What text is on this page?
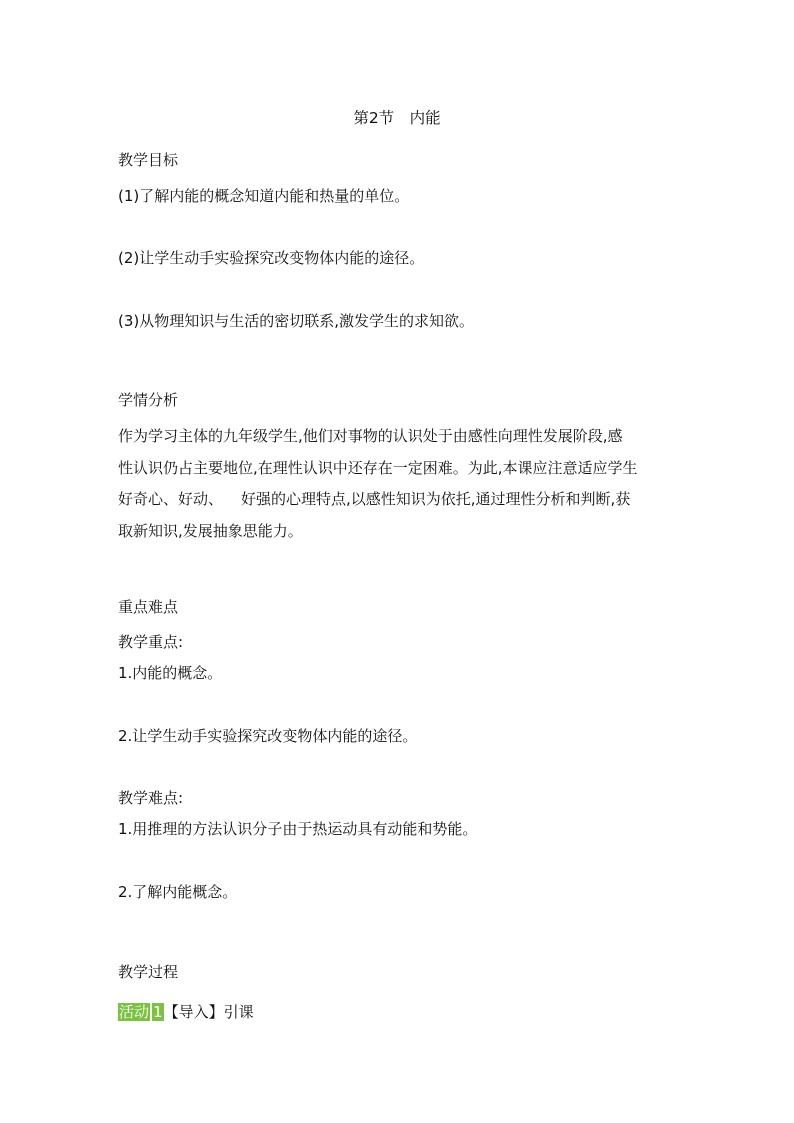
第2节　内能
教学目标
(1)了解内能的概念知道内能和热量的单位。
(2)让学生动手实验探究改变物体内能的途径。
(3)从物理知识与生活的密切联系,激发学生的求知欲。
学情分析
作为学习主体的九年级学生,他们对事物的认识处于由感性向理性发展阶段,感
性认识仍占主要地位,在理性认识中还存在一定困难。为此,本课应注意适应学生
好奇心、好动、 好强的心理特点,以感性知识为依托,通过理性分析和判断,获
取新知识,发展抽象思能力。
重点难点
教学重点:
1.内能的概念。
2.让学生动手实验探究改变物体内能的途径。
教学难点:
1.用推理的方法认识分子由于热运动具有动能和势能。
2.了解内能概念。
教学过程
活动 1【导入】引课
